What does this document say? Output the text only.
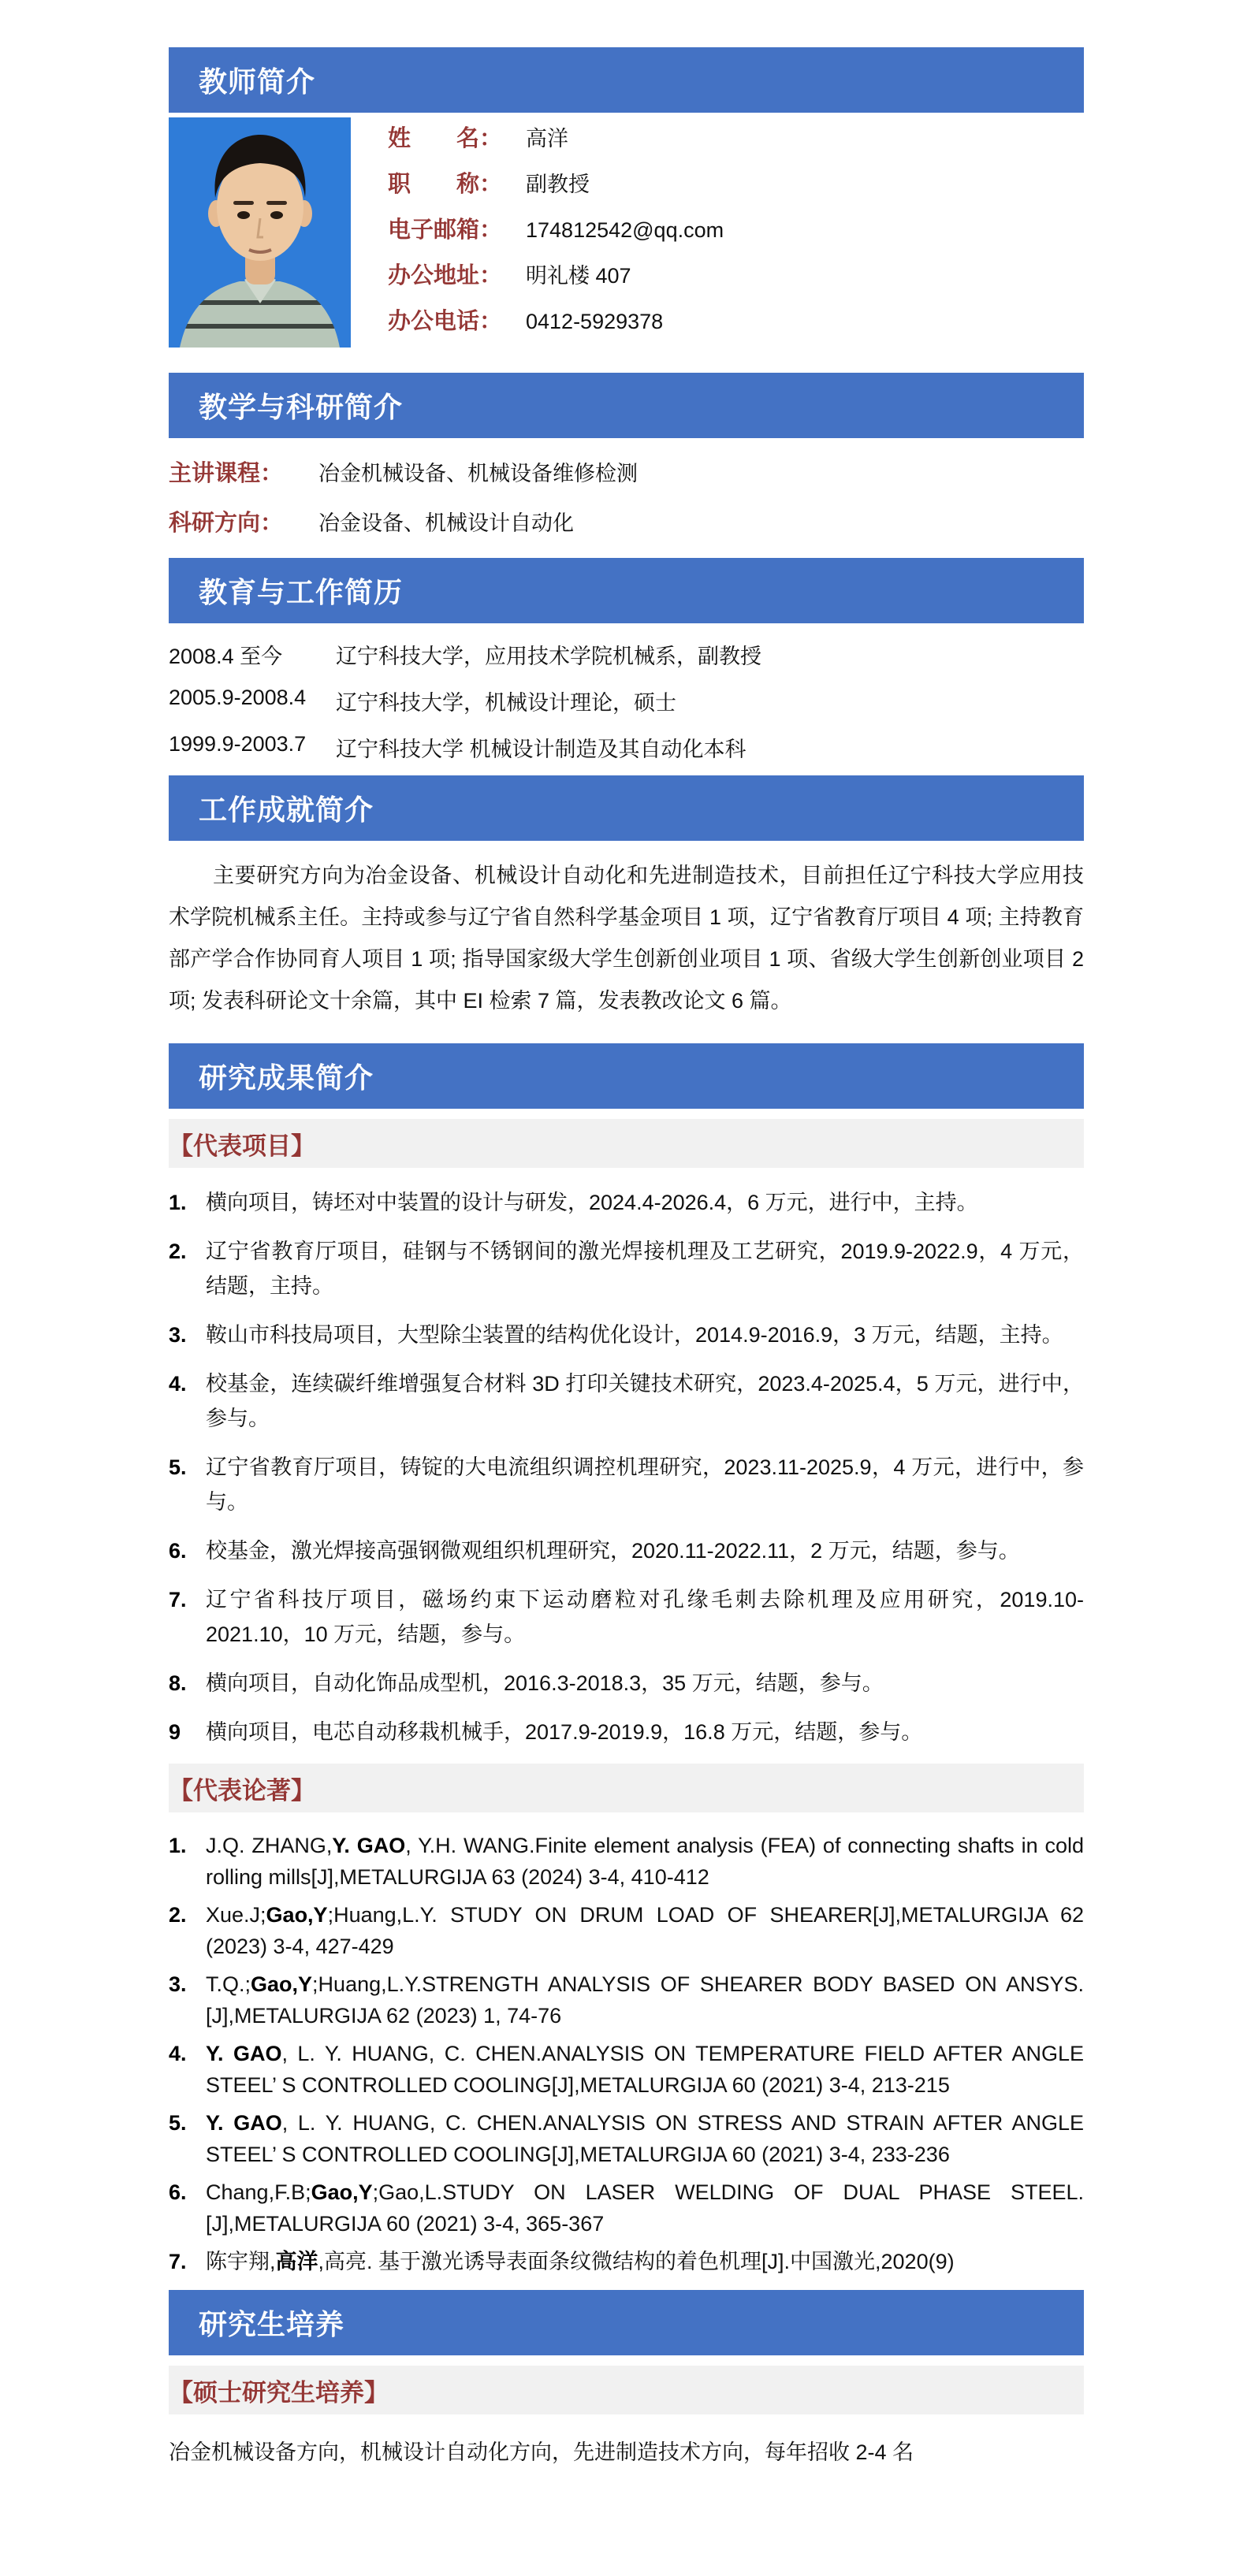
教师简介
姓　　名：	高洋
职　　称：	副教授
电子邮箱：	174812542@qq.com
办公地址：	明礼楼 407
办公电话：	0412-5929378
教学与科研简介
主讲课程：	冶金机械设备、机械设备维修检测
科研方向：	冶金设备、机械设计自动化
教育与工作简历
2008.4 至今	辽宁科技大学，应用技术学院机械系，副教授
2005.9-2008.4	辽宁科技大学，机械设计理论，硕士
1999.9-2003.7	辽宁科技大学 机械设计制造及其自动化本科
工作成就简介

主要研究方向为冶金设备、机械设计自动化和先进制造技术，目前担任辽宁科技大学应用技术学院机械系主任。主持或参与辽宁省自然科学基金项目 1 项，辽宁省教育厅项目 4 项; 主持教育部产学合作协同育人项目 1 项; 指导国家级大学生创新创业项目 1 项、省级大学生创新创业项目 2 项; 发表科研论文十余篇，其中 EI 检索 7 篇，发表教改论文 6 篇。

研究成果简介
【代表项目】
1. 横向项目，铸坯对中装置的设计与研发，2024.4-2026.4，6 万元，进行中，主持。
2. 辽宁省教育厅项目，硅钢与不锈钢间的激光焊接机理及工艺研究，2019.9-2022.9，4 万元，结题，主持。
3. 鞍山市科技局项目，大型除尘装置的结构优化设计，2014.9-2016.9，3 万元，结题，主持。
4. 校基金，连续碳纤维增强复合材料 3D 打印关键技术研究，2023.4-2025.4，5 万元，进行中，参与。
5. 辽宁省教育厅项目，铸锭的大电流组织调控机理研究，2023.11-2025.9，4 万元，进行中，参与。
6. 校基金，激光焊接高强钢微观组织机理研究，2020.11-2022.11，2 万元，结题，参与。
7. 辽宁省科技厅项目，磁场约束下运动磨粒对孔缘毛刺去除机理及应用研究，2019.10-2021.10，10 万元，结题，参与。
8. 横向项目，自动化饰品成型机，2016.3-2018.3，35 万元，结题，参与。
9	横向项目，电芯自动移栽机械手，2017.9-2019.9，16.8 万元，结题，参与。
【代表论著】
1. J.Q. ZHANG,Y. GAO, Y.H. WANG.Finite element analysis (FEA) of connecting shafts in cold rolling mills[J],METALURGIJA 63 (2024) 3-4, 410-412
2. Xue.J;Gao,Y;Huang,L.Y. STUDY ON DRUM LOAD OF SHEARER[J],METALURGIJA 62 (2023) 3-4, 427-429
3. T.Q.;Gao,Y;Huang,L.Y.STRENGTH ANALYSIS OF SHEARER BODY BASED ON ANSYS.[J],METALURGIJA 62 (2023) 1, 74-76
4. Y. GAO, L. Y. HUANG, C. CHEN.ANALYSIS ON TEMPERATURE FIELD AFTER ANGLE STEEL’ S CONTROLLED COOLING[J],METALURGIJA 60 (2021) 3-4, 213-215
5. Y. GAO, L. Y. HUANG, C. CHEN.ANALYSIS ON STRESS AND STRAIN AFTER ANGLE STEEL’ S CONTROLLED COOLING[J],METALURGIJA 60 (2021) 3-4, 233-236
6. Chang,F.B;Gao,Y;Gao,L.STUDY ON LASER WELDING OF DUAL PHASE STEEL.[J],METALURGIJA 60 (2021) 3-4, 365-367
7. 陈宇翔,高洋,高亮. 基于激光诱导表面条纹微结构的着色机理[J].中国激光,2020(9)
研究生培养
【硕士研究生培养】
冶金机械设备方向，机械设计自动化方向，先进制造技术方向，每年招收 2-4 名
